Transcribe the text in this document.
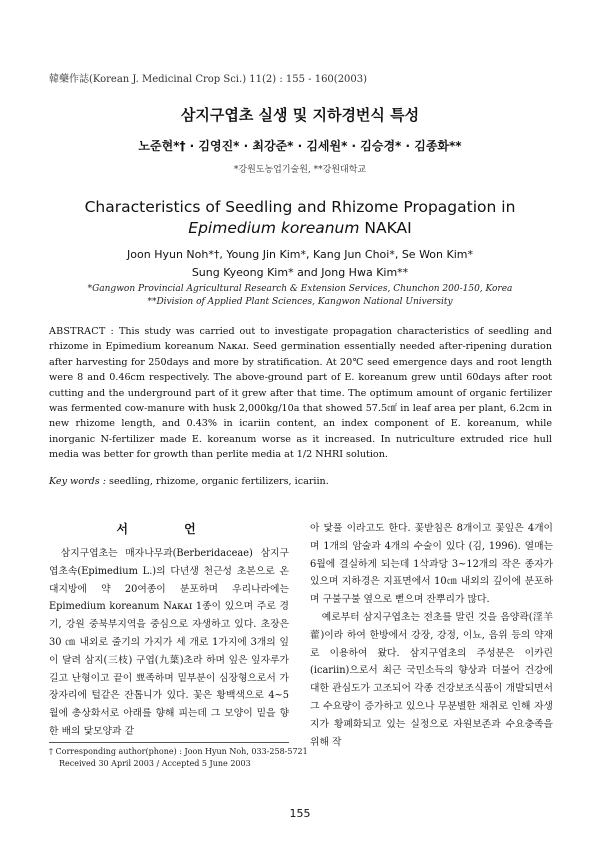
韓藥作誌(Korean J. Medicinal Crop Sci.) 11(2) : 155 - 160(2003)
삼지구엽초 실생 및 지하경번식 특성
노준현*† · 김영진* · 최강준* · 김세원* · 김승경* · 김종화**
*강원도농업기술원, **강원대학교
Characteristics of Seedling and Rhizome Propagation in
Epimedium koreanum NAKAI
Joon Hyun Noh*†, Young Jin Kim*, Kang Jun Choi*, Se Won Kim*
Sung Kyeong Kim* and Jong Hwa Kim**
*Gangwon Provincial Agricultural Research & Extension Services, Chunchon 200-150, Korea
**Division of Applied Plant Sciences, Kangwon National University
ABSTRACT : This study was carried out to investigate propagation characteristics of seedling and rhizome in Epimedium koreanum Nᴀᴋᴀɪ. Seed germination essentially needed after-ripening duration after harvesting for 250days and more by stratification. At 20℃ seed emergence days and root length were 8 and 0.46cm respectively. The above-ground part of E. koreanum grew until 60days after root cutting and the underground part of it grew after that time. The optimum amount of organic fertilizer was fermented cow-manure with husk 2,000kg/10a that showed 57.5㎠ in leaf area per plant, 6.2cm in new rhizome length, and 0.43% in icariin content, an index component of E. koreanum, while inorganic N-fertilizer made E. koreanum worse as it increased. In nutriculture extruded rice hull media was better for growth than perlite media at 1/2 NHRI solution.
Key words : seedling, rhizome, organic fertilizers, icariin.
서 언

삼지구엽초는 매자나무과(Berberidaceae) 삼지구엽초속(Epimedium L.)의 다년생 천근성 초본으로 온대지방에 약 20여종이 분포하며 우리나라에는 Epimedium koreanum Nᴀᴋᴀɪ 1종이 있으며 주로 경기, 강원 중북부지역을 중심으로 자생하고 있다. 초장은 30 ㎝ 내외로 줄기의 가지가 세 개로 1가지에 3개의 잎이 달려 삼지(三枝) 구엽(九葉)초라 하며 잎은 잎자루가 길고 난형이고 끝이 뾰족하며 밑부분이 심장형으로서 가장자리에 털같은 잔톱니가 있다. 꽃은 황백색으로 4~5월에 총상화서로 아래를 향해 피는데 그 모양이 밑을 향한 배의 닻모양과 같

아 닻풀 이라고도 한다. 꽃받침은 8개이고 꽃잎은 4개이며 1개의 암술과 4개의 수술이 있다 (김, 1996). 열매는 6월에 결실하게 되는데 1삭과당 3~12개의 작은 종자가 있으며 지하경은 지표면에서 10㎝ 내외의 깊이에 분포하며 구불구불 옆으로 뻗으며 잔뿌리가 많다.

예로부터 삼지구엽초는 전초를 말린 것을 음양곽(淫羊藿)이라 하여 한방에서 강장, 강정, 이뇨, 음위 등의 약재로 이용하여 왔다. 삼지구엽초의 주성분은 이카린(icariin)으로서 최근 국민소득의 향상과 더불어 건강에 대한 관심도가 고조되어 각종 건강보조식품이 개발되면서 그 수요량이 증가하고 있으나 무분별한 채취로 인해 자생지가 황폐화되고 있는 실정으로 자원보존과 수요충족을 위해 작

† Corresponding author(phone) : Joon Hyun Noh, 033-258-5721
Received 30 April 2003 / Accepted 5 June 2003
155
